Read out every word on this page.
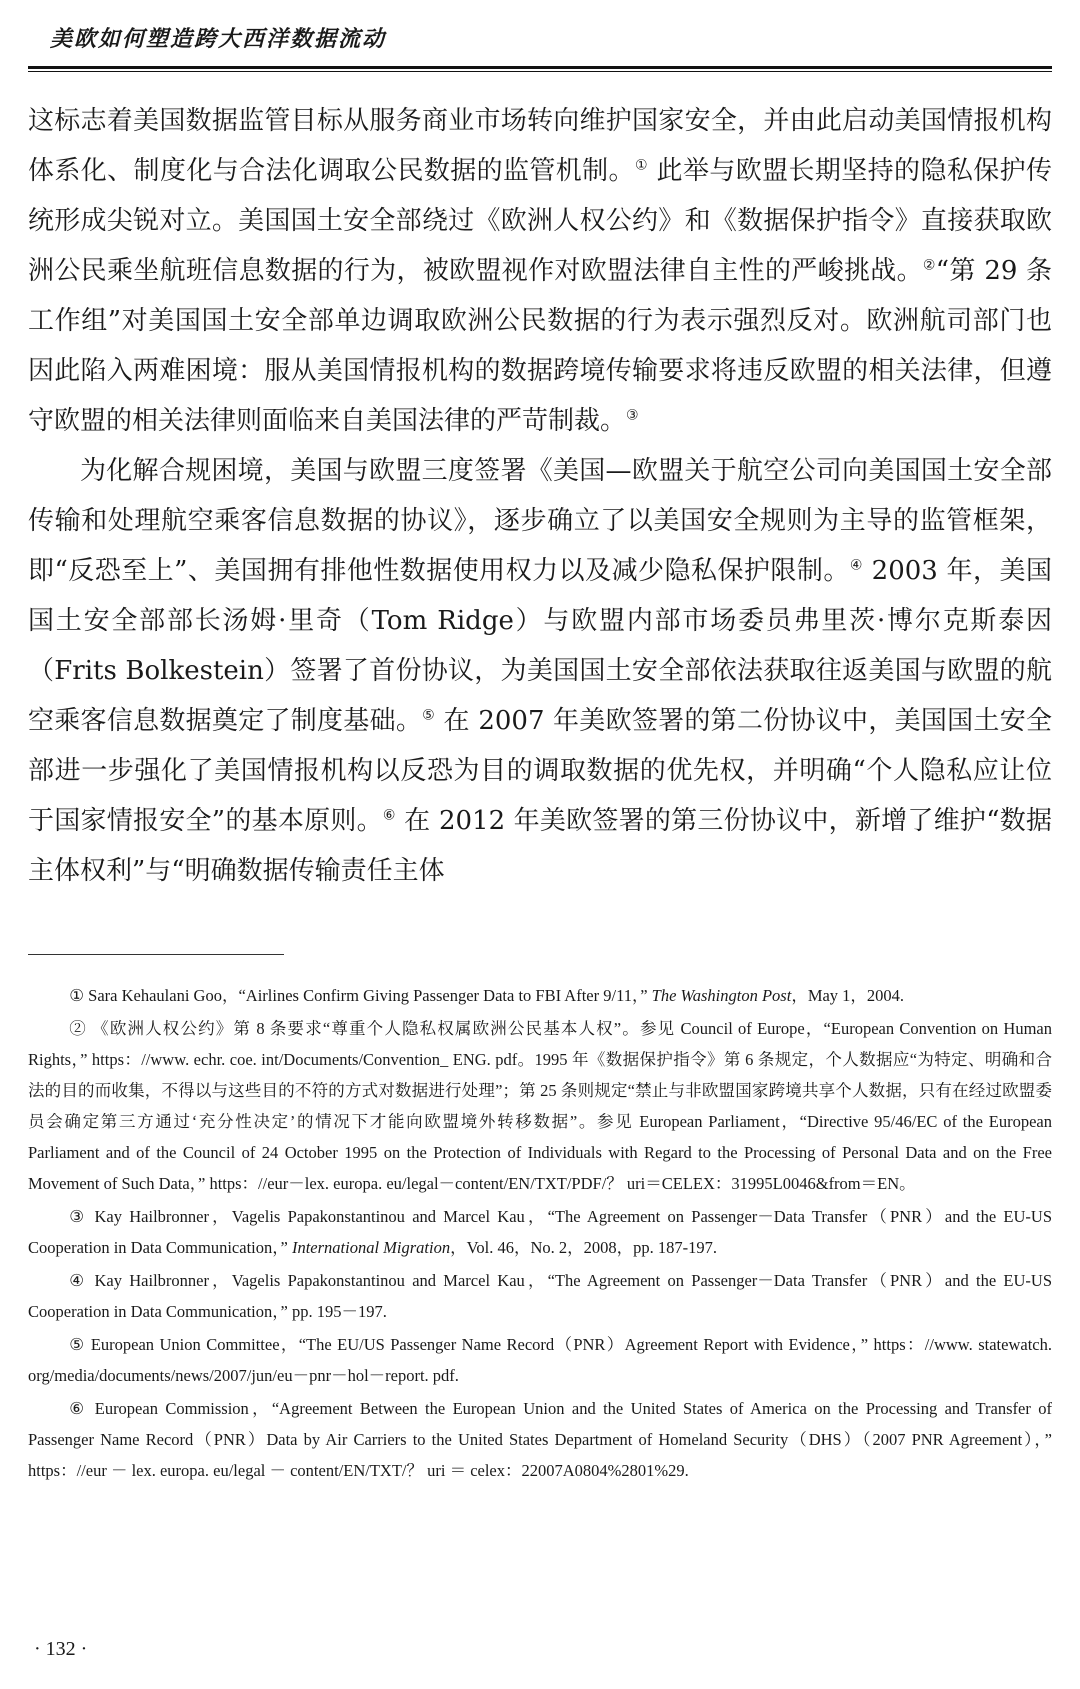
美欧如何塑造跨大西洋数据流动

这标志着美国数据监管目标从服务商业市场转向维护国家安全，并由此启动美国情报机构体系化、制度化与合法化调取公民数据的监管机制。① 此举与欧盟长期坚持的隐私保护传统形成尖锐对立。美国国土安全部绕过《欧洲人权公约》和《数据保护指令》直接获取欧洲公民乘坐航班信息数据的行为，被欧盟视作对欧盟法律自主性的严峻挑战。②“第 29 条工作组”对美国国土安全部单边调取欧洲公民数据的行为表示强烈反对。欧洲航司部门也因此陷入两难困境：服从美国情报机构的数据跨境传输要求将违反欧盟的相关法律，但遵守欧盟的相关法律则面临来自美国法律的严苛制裁。③

为化解合规困境，美国与欧盟三度签署《美国—欧盟关于航空公司向美国国土安全部传输和处理航空乘客信息数据的协议》，逐步确立了以美国安全规则为主导的监管框架，即“反恐至上”、美国拥有排他性数据使用权力以及减少隐私保护限制。④ 2003 年，美国国土安全部部长汤姆·里奇（Tom Ridge）与欧盟内部市场委员弗里茨·博尔克斯泰因（Frits Bolkestein）签署了首份协议，为美国国土安全部依法获取往返美国与欧盟的航空乘客信息数据奠定了制度基础。⑤ 在 2007 年美欧签署的第二份协议中，美国国土安全部进一步强化了美国情报机构以反恐为目的调取数据的优先权，并明确“个人隐私应让位于国家情报安全”的基本原则。⑥ 在 2012 年美欧签署的第三份协议中，新增了维护“数据主体权利”与“明确数据传输责任主体

① Sara Kehaulani Goo，“Airlines Confirm Giving Passenger Data to FBI After 9/11，” The Washington Post，May 1，2004.

② 《欧洲人权公约》第 8 条要求“尊重个人隐私权属欧洲公民基本人权”。参见 Council of Europe，“European Convention on Human Rights，” https：//www. echr. coe. int/Documents/Convention_ ENG. pdf。1995 年《数据保护指令》第 6 条规定，个人数据应“为特定、明确和合法的目的而收集，不得以与这些目的不符的方式对数据进行处理”；第 25 条则规定“禁止与非欧盟国家跨境共享个人数据，只有在经过欧盟委员会确定第三方通过‘充分性决定’的情况下才能向欧盟境外转移数据”。参见 European Parliament，“Directive 95/46/EC of the European Parliament and of the Council of 24 October 1995 on the Protection of Individuals with Regard to the Processing of Personal Data and on the Free Movement of Such Data，” https：//eur－lex. europa. eu/legal－content/EN/TXT/PDF/？ uri＝CELEX：31995L0046&from＝EN。

③ Kay Hailbronner，Vagelis Papakonstantinou and Marcel Kau，“The Agreement on Passenger－Data Transfer（PNR）and the EU-US Cooperation in Data Communication，” International Migration，Vol. 46，No. 2，2008，pp. 187-197.

④ Kay Hailbronner，Vagelis Papakonstantinou and Marcel Kau，“The Agreement on Passenger－Data Transfer（PNR）and the EU-US Cooperation in Data Communication，” pp. 195－197.

⑤ European Union Committee，“The EU/US Passenger Name Record（PNR）Agreement Report with Evidence，” https：//www. statewatch. org/media/documents/news/2007/jun/eu－pnr－hol－report. pdf.

⑥ European Commission，“Agreement Between the European Union and the United States of America on the Processing and Transfer of Passenger Name Record（PNR）Data by Air Carriers to the United States Department of Homeland Security（DHS）（2007 PNR Agreement），” https：//eur － lex. europa. eu/legal － content/EN/TXT/？ uri ＝ celex：22007A0804%2801%29.

· 132 ·
